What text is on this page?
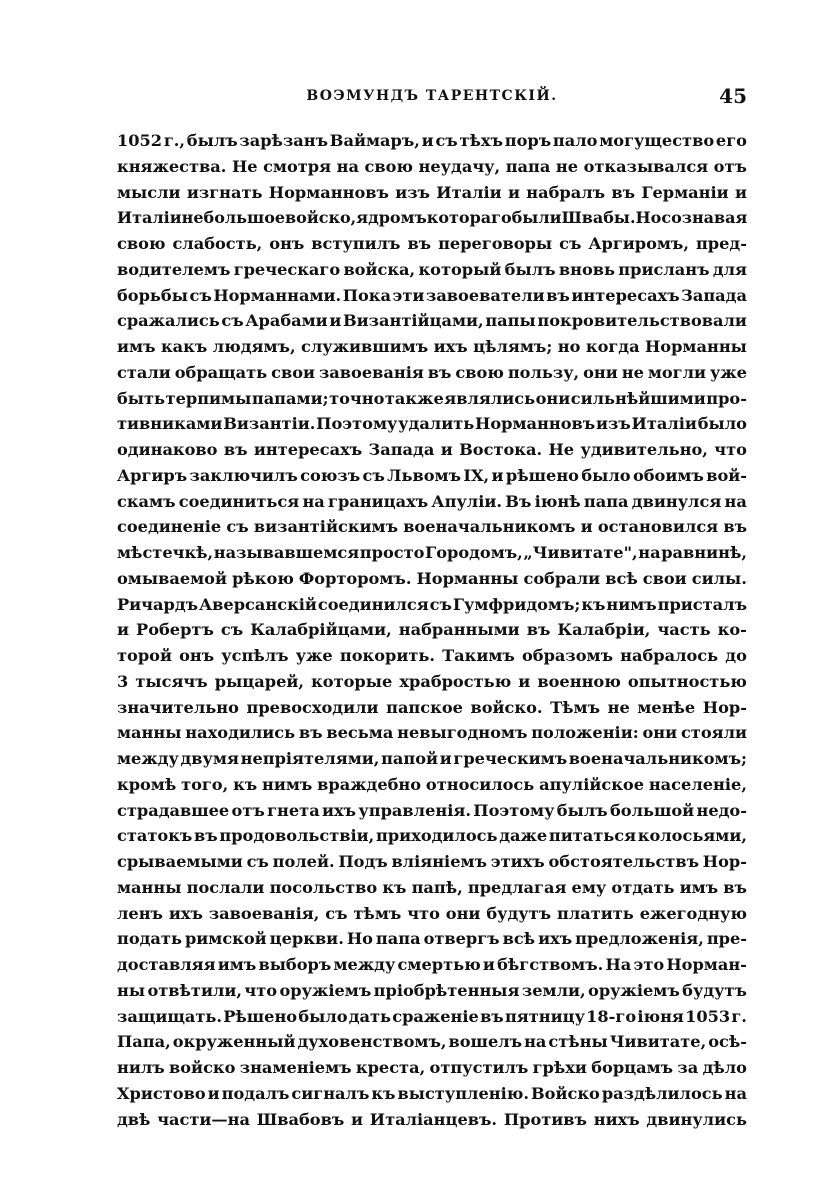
ВОЭМУНДЪ ТАРЕНТСКІЙ.	45
1052 г., былъ зарѣзанъ Ваймаръ, и съ тѣхъ поръ пало могущество его
княжества. Не смотря на свою неудачу, папа не отказывался отъ
мысли изгнать Норманновъ изъ Италіи и набралъ въ Германіи и
Италіи небольшое войско, ядромъ котораго были Швабы. Но сознавая
свою слабость, онъ вступилъ въ переговоры съ Аргиромъ, пред-
водителемъ греческаго войска, который былъ вновь присланъ для
борьбы съ Норманнами. Пока эти завоеватели въ интересахъ Запада
сражались съ Арабами и Византійцами, папы покровительствовали
имъ какъ людямъ, служившимъ ихъ цѣлямъ; но когда Норманны
стали обращать свои завоеванія въ свою пользу, они не могли уже
быть терпимы папами; точно также являлись они сильнѣйшими про-
тивниками Византіи. Поэтому удалить Норманновъ изъ Италіи было
одинаково въ интересахъ Запада и Востока. Не удивительно, что
Аргиръ заключилъ союзъ съ Львомъ IX, и рѣшено было обоимъ вой-
скамъ соединиться на границахъ Апуліи. Въ іюнѣ папа двинулся на
соединеніе съ византійскимъ военачальникомъ и остановился въ
мѣстечкѣ, называвшемся просто Городомъ, „Чивитате", на равнинѣ,
омываемой рѣкою Форторомъ. Норманны собрали всѣ свои силы.
Ричардъ Аверсанскій соединился съ Гумфридомъ; къ нимъ присталъ
и Робертъ съ Калабрійцами, набранными въ Калабріи, часть ко-
торой онъ успѣлъ уже покорить. Такимъ образомъ набралось до
3 тысячъ рыцарей, которые храбростью и военною опытностью
значительно превосходили папское войско. Тѣмъ не менѣе Нор-
манны находились въ весьма невыгодномъ положеніи: они стояли
между двумя непріятелями, папой и греческимъ военачальникомъ;
кромѣ того, къ нимъ враждебно относилось апулійское населеніе,
страдавшее отъ гнета ихъ управленія. Поэтому былъ большой недо-
статокъ въ продовольствіи, приходилось даже питаться колосьями,
срываемыми съ полей. Подъ вліяніемъ этихъ обстоятельствъ Нор-
манны послали посольство къ папѣ, предлагая ему отдать имъ въ
ленъ ихъ завоеванія, съ тѣмъ что они будутъ платить ежегодную
подать римской церкви. Но папа отвергъ всѣ ихъ предложенія, пре-
доставляя имъ выборъ между смертью и бѣгствомъ. На это Норман-
ны отвѣтили, что оружіемъ пріобрѣтенныя земли, оружіемъ будутъ
защищать. Рѣшено было дать сраженіе въ пятницу 18-го іюня 1053 г.
Папа, окруженный духовенствомъ, вошелъ на стѣны Чивитате, осѣ-
нилъ войско знаменіемъ креста, отпустилъ грѣхи борцамъ за дѣло
Христово и подалъ сигналъ къ выступленію. Войско раздѣлилось на
двѣ части—на Швабовъ и Италіанцевъ. Противъ нихъ двинулись
